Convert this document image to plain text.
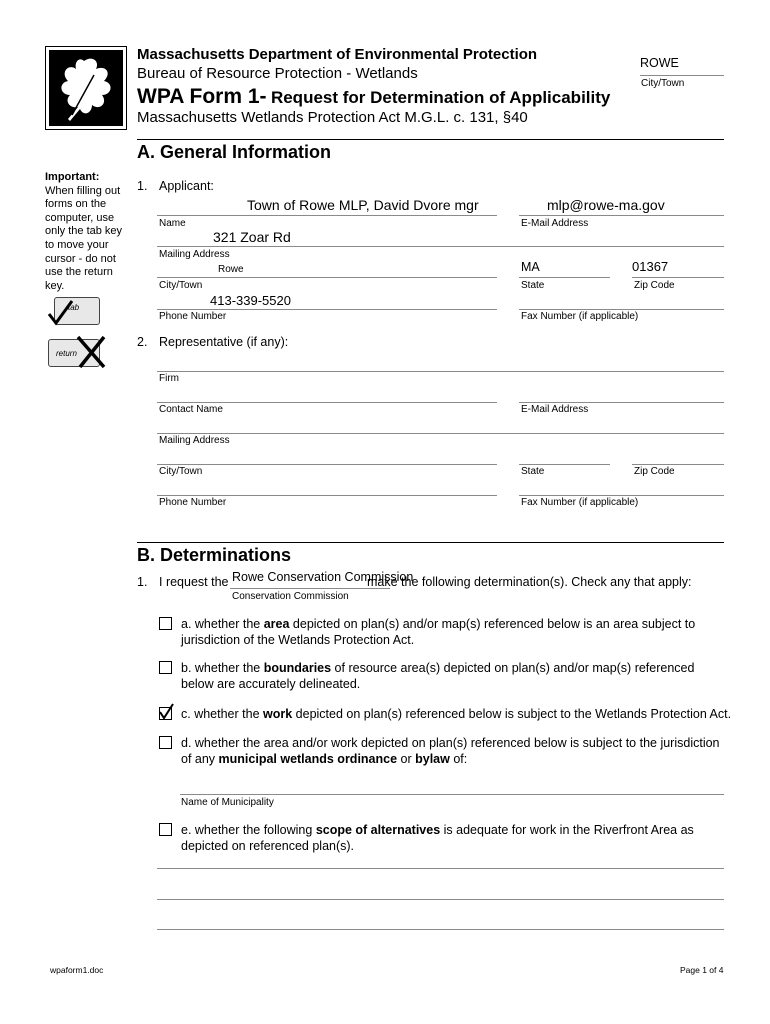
Massachusetts Department of Environmental Protection
Bureau of Resource Protection - Wetlands
WPA Form 1- Request for Determination of Applicability
Massachusetts Wetlands Protection Act M.G.L. c. 131, §40
ROWE
City/Town
Important:
When filling out
forms on the
computer, use
only the tab key
to move your
cursor - do not
use the return
key.
tab
return
A. General Information
1. Applicant:
Town of Rowe MLP, David Dvore mgr
Name
mlp@rowe-ma.gov
E-Mail Address
321 Zoar Rd
Mailing Address
Rowe
City/Town
MA
State
01367
Zip Code
413-339-5520
Phone Number	Fax Number (if applicable)
2. Representative (if any):
Firm
Contact Name	E-Mail Address
Mailing Address
City/Town	State	Zip Code
Phone Number	Fax Number (if applicable)
B. Determinations
1. I request the Rowe Conservation Commission
Conservation Commission
make the following determination(s). Check any that apply:
a. whether the area depicted on plan(s) and/or map(s) referenced below is an area subject to
jurisdiction of the Wetlands Protection Act.
b. whether the boundaries of resource area(s) depicted on plan(s) and/or map(s) referenced
below are accurately delineated.
c. whether the work depicted on plan(s) referenced below is subject to the Wetlands Protection Act.
d. whether the area and/or work depicted on plan(s) referenced below is subject to the jurisdiction
of any municipal wetlands ordinance or bylaw of:
Name of Municipality
e. whether the following scope of alternatives is adequate for work in the Riverfront Area as
depicted on referenced plan(s).
wpaform1.doc	Page 1 of 4
